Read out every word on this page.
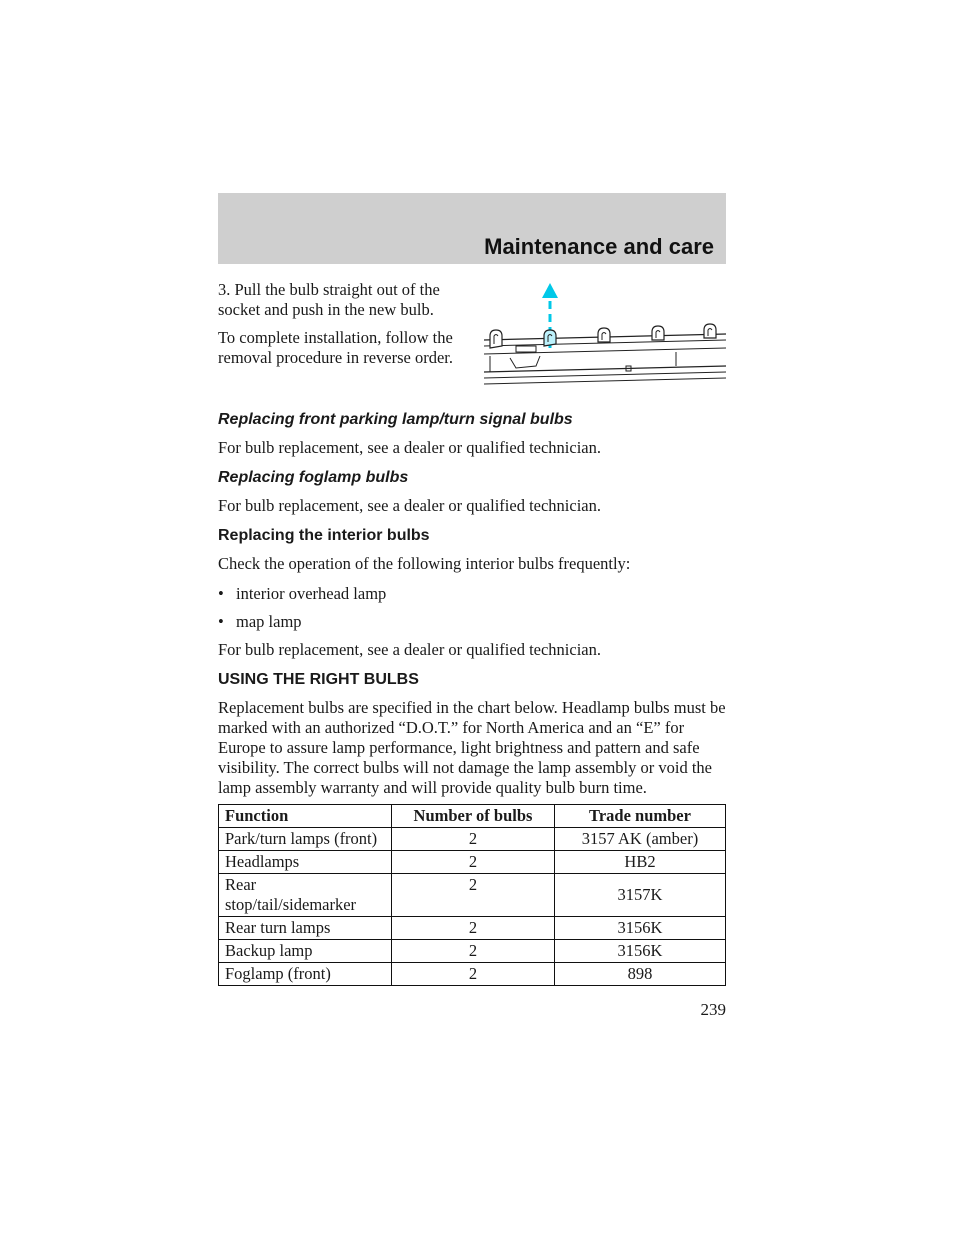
Maintenance and care

3. Pull the bulb straight out of the socket and push in the new bulb.

To complete installation, follow the removal procedure in reverse order.

Replacing front parking lamp/turn signal bulbs

For bulb replacement, see a dealer or qualified technician.

Replacing foglamp bulbs

For bulb replacement, see a dealer or qualified technician.

Replacing the interior bulbs

Check the operation of the following interior bulbs frequently:

• interior overhead lamp
• map lamp

For bulb replacement, see a dealer or qualified technician.

USING THE RIGHT BULBS

Replacement bulbs are specified in the chart below. Headlamp bulbs must be marked with an authorized “D.O.T.” for North America and an “E” for Europe to assure lamp performance, light brightness and pattern and safe visibility. The correct bulbs will not damage the lamp assembly or void the lamp assembly warranty and will provide quality bulb burn time.

Function	Number of bulbs	Trade number
Park/turn lamps (front)	2	3157 AK (amber)
Headlamps	2	HB2
Rear stop/tail/sidemarker	2	3157K
Rear turn lamps	2	3156K
Backup lamp	2	3156K
Foglamp (front)	2	898
239
